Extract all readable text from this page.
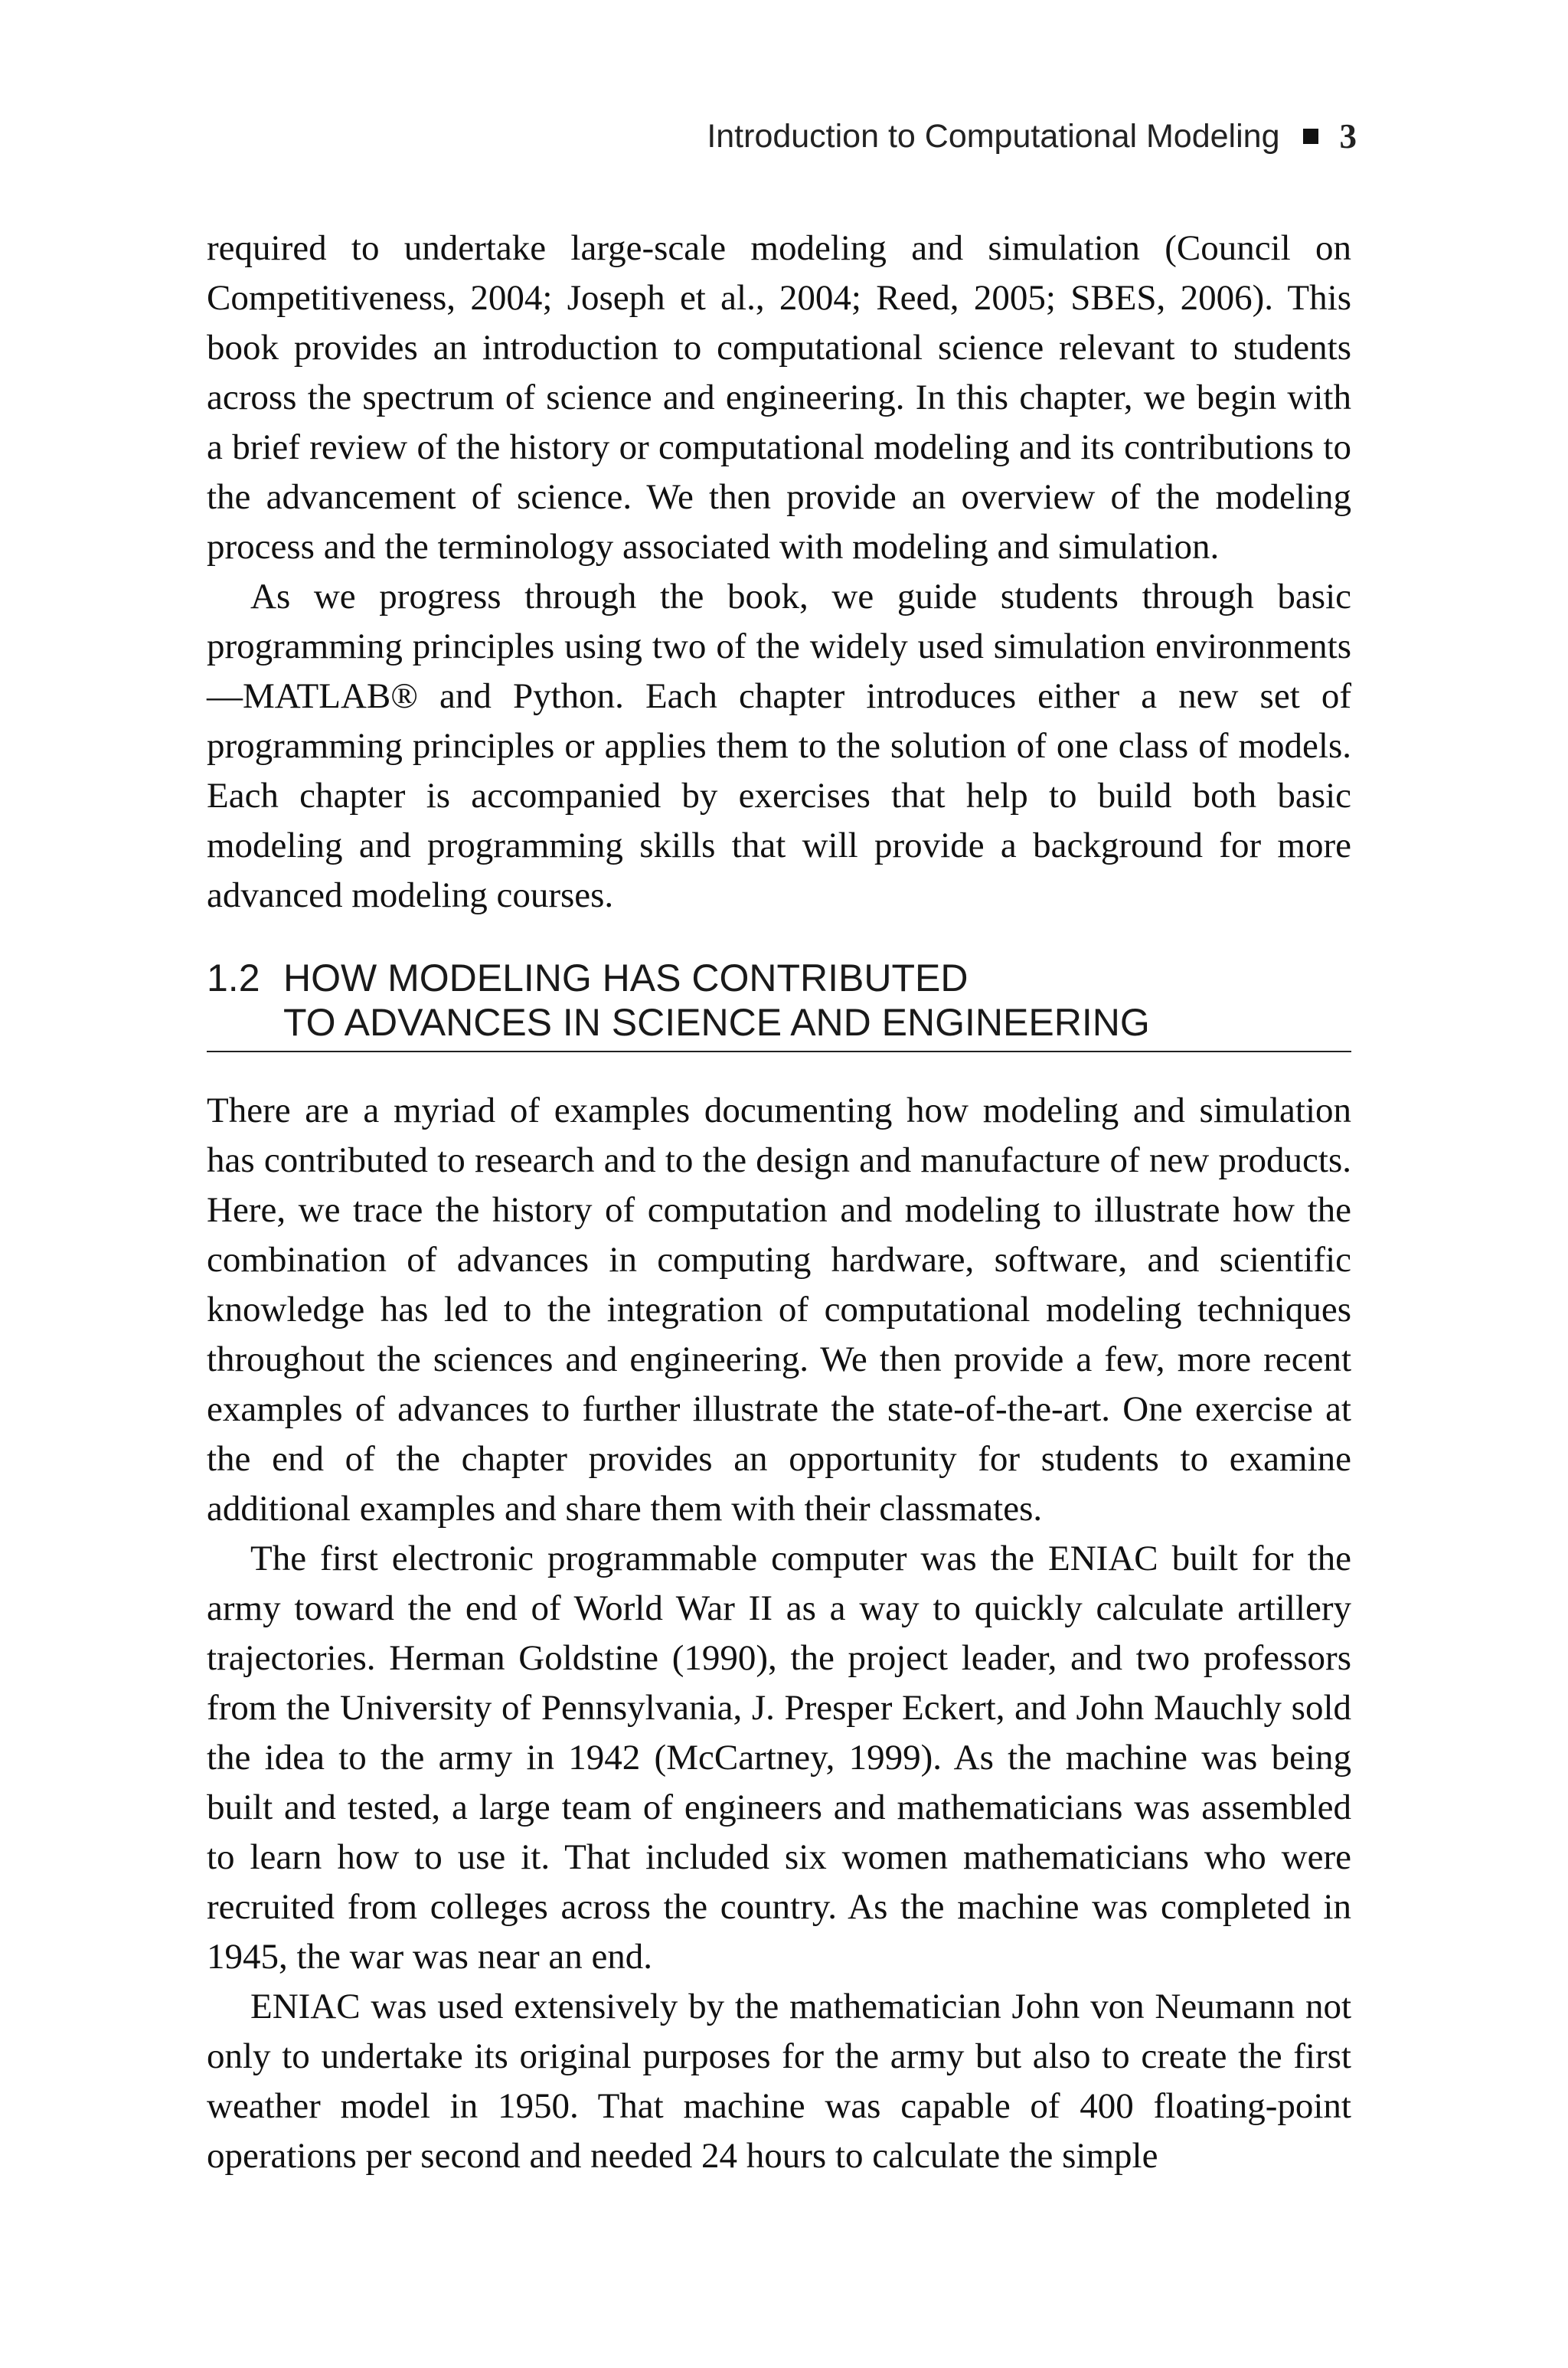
Introduction to Computational Modeling 3

required to undertake large-scale modeling and simulation (Council on Competitiveness, 2004; Joseph et al., 2004; Reed, 2005; SBES, 2006). This book provides an introduction to computational science relevant to students across the spectrum of science and engineering. In this chapter, we begin with a brief review of the history or computational modeling and its contributions to the advancement of science. We then provide an overview of the modeling process and the terminology associated with modeling and simulation.

As we progress through the book, we guide students through basic programming principles using two of the widely used simulation environments—MATLAB® and Python. Each chapter introduces either a new set of programming principles or applies them to the solution of one class of models. Each chapter is accompanied by exercises that help to build both basic modeling and programming skills that will provide a background for more advanced modeling courses.

1.2 HOW MODELING HAS CONTRIBUTED
TO ADVANCES IN SCIENCE AND ENGINEERING

There are a myriad of examples documenting how modeling and simulation has contributed to research and to the design and manufacture of new products. Here, we trace the history of computation and modeling to illustrate how the combination of advances in computing hardware, software, and scientific knowledge has led to the integration of computational modeling techniques throughout the sciences and engineering. We then provide a few, more recent examples of advances to further illustrate the state-of-the-art. One exercise at the end of the chapter provides an opportunity for students to examine additional examples and share them with their classmates.

The first electronic programmable computer was the ENIAC built for the army toward the end of World War II as a way to quickly calculate artillery trajectories. Herman Goldstine (1990), the project leader, and two professors from the University of Pennsylvania, J. Presper Eckert, and John Mauchly sold the idea to the army in 1942 (McCartney, 1999). As the machine was being built and tested, a large team of engineers and mathematicians was assembled to learn how to use it. That included six women mathematicians who were recruited from colleges across the country. As the machine was completed in 1945, the war was near an end.

ENIAC was used extensively by the mathematician John von Neumann not only to undertake its original purposes for the army but also to create the first weather model in 1950. That machine was capable of 400 floating-point operations per second and needed 24 hours to calculate the simple
